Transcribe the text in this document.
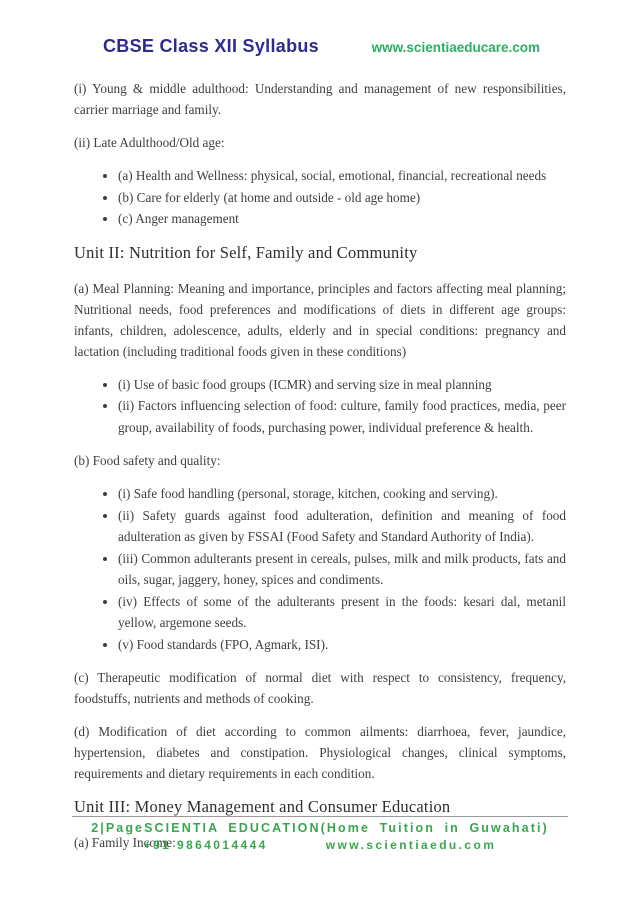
CBSE Class XII Syllabus	www.scientiaeducare.com

(i) Young & middle adulthood: Understanding and management of new responsibilities, carrier marriage and family.

(ii) Late Adulthood/Old age:

• (a) Health and Wellness: physical, social, emotional, financial, recreational needs
• (b) Care for elderly (at home and outside - old age home)
• (c) Anger management
Unit II: Nutrition for Self, Family and Community

(a) Meal Planning: Meaning and importance, principles and factors affecting meal planning; Nutritional needs, food preferences and modifications of diets in different age groups: infants, children, adolescence, adults, elderly and in special conditions: pregnancy and lactation (including traditional foods given in these conditions)

• (i) Use of basic food groups (ICMR) and serving size in meal planning
• (ii) Factors influencing selection of food: culture, family food practices, media, peer group, availability of foods, purchasing power, individual preference & health.

(b) Food safety and quality:

• (i) Safe food handling (personal, storage, kitchen, cooking and serving).
• (ii) Safety guards against food adulteration, definition and meaning of food adulteration as given by FSSAI (Food Safety and Standard Authority of India).
• (iii) Common adulterants present in cereals, pulses, milk and milk products, fats and oils, sugar, jaggery, honey, spices and condiments.
• (iv) Effects of some of the adulterants present in the foods: kesari dal, metanil yellow, argemone seeds.
• (v) Food standards (FPO, Agmark, ISI).

(c) Therapeutic modification of normal diet with respect to consistency, frequency, foodstuffs, nutrients and methods of cooking.

(d) Modification of diet according to common ailments: diarrhoea, fever, jaundice, hypertension, diabetes and constipation. Physiological changes, clinical symptoms, requirements and dietary requirements in each condition.

Unit III: Money Management and Consumer Education

(a) Family Income:

2|PageSCIENTIA EDUCATION(Home Tuition in Guwahati)
+91 9864014444	www.scientiaedu.com
